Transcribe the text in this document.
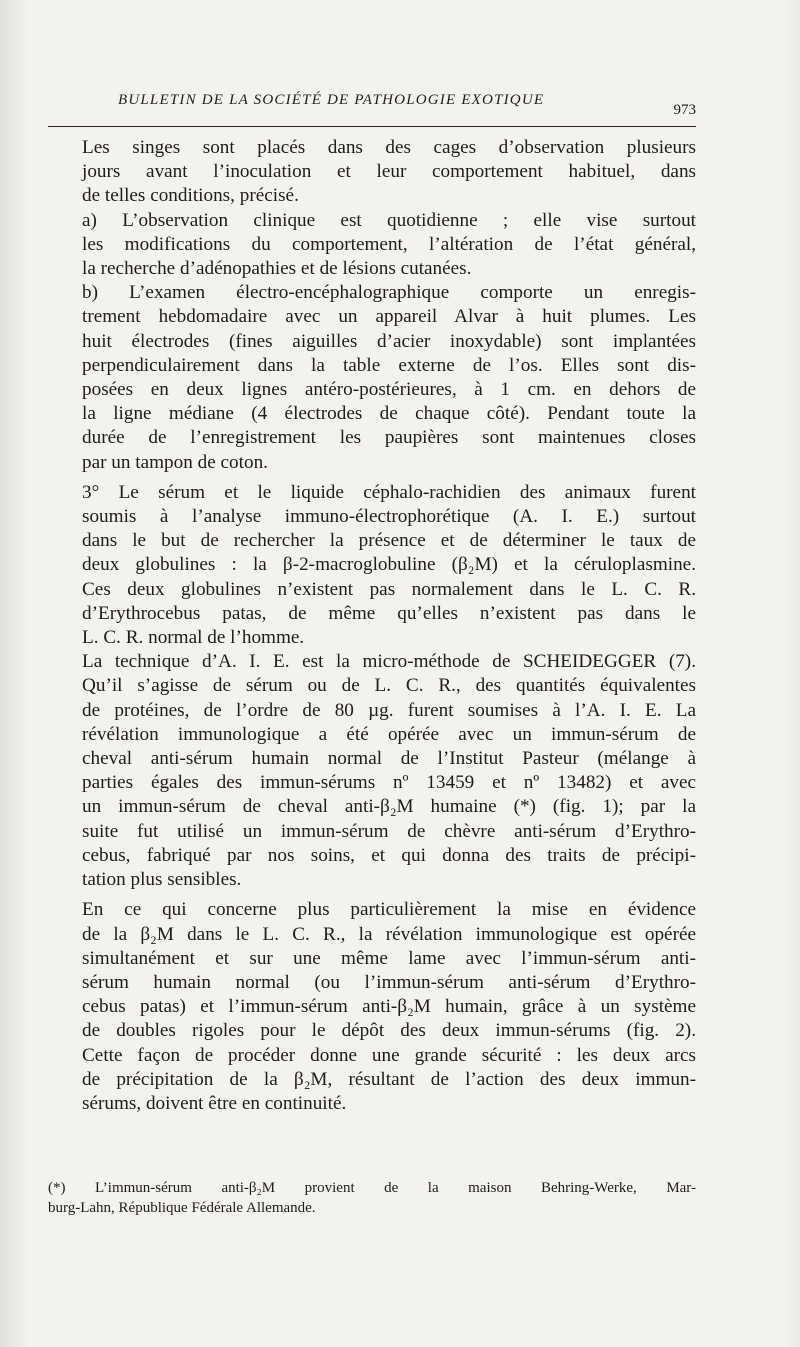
BULLETIN DE LA SOCIÉTÉ DE PATHOLOGIE EXOTIQUE
973

Les singes sont placés dans des cages d’observation plusieurs
jours avant l’inoculation et leur comportement habituel, dans
de telles conditions, précisé.

a) L’observation clinique est quotidienne ; elle vise surtout
les modifications du comportement, l’altération de l’état général,
la recherche d’adénopathies et de lésions cutanées.

b) L’examen électro-encéphalographique comporte un enregis-
trement hebdomadaire avec un appareil Alvar à huit plumes. Les
huit électrodes (fines aiguilles d’acier inoxydable) sont implantées
perpendiculairement dans la table externe de l’os. Elles sont dis-
posées en deux lignes antéro-postérieures, à 1 cm. en dehors de
la ligne médiane (4 électrodes de chaque côté). Pendant toute la
durée de l’enregistrement les paupières sont maintenues closes
par un tampon de coton.

3° Le sérum et le liquide céphalo-rachidien des animaux furent
soumis à l’analyse immuno-électrophorétique (A. I. E.) surtout
dans le but de rechercher la présence et de déterminer le taux de
deux globulines : la β-2-macroglobuline (β₂M) et la céruloplasmine.
Ces deux globulines n’existent pas normalement dans le L. C. R.
d’Erythrocebus patas, de même qu’elles n’existent pas dans le
L. C. R. normal de l’homme.

La technique d’A. I. E. est la micro-méthode de SCHEIDEGGER (7).
Qu’il s’agisse de sérum ou de L. C. R., des quantités équivalentes
de protéines, de l’ordre de 80 µg. furent soumises à l’A. I. E. La
révélation immunologique a été opérée avec un immun-sérum de
cheval anti-sérum humain normal de l’Institut Pasteur (mélange à
parties égales des immun-sérums nº 13459 et nº 13482) et avec
un immun-sérum de cheval anti-β₂M humaine (*) (fig. 1); par la
suite fut utilisé un immun-sérum de chèvre anti-sérum d’Erythro-
cebus, fabriqué par nos soins, et qui donna des traits de précipi-
tation plus sensibles.

En ce qui concerne plus particulièrement la mise en évidence
de la β₂M dans le L. C. R., la révélation immunologique est opérée
simultanément et sur une même lame avec l’immun-sérum anti-
sérum humain normal (ou l’immun-sérum anti-sérum d’Erythro-
cebus patas) et l’immun-sérum anti-β₂M humain, grâce à un système
de doubles rigoles pour le dépôt des deux immun-sérums (fig. 2).
Cette façon de procéder donne une grande sécurité : les deux arcs
de précipitation de la β₂M, résultant de l’action des deux immun-
sérums, doivent être en continuité.

(*) L’immun-sérum anti-β₂M provient de la maison Behring-Werke, Mar-
burg-Lahn, République Fédérale Allemande.
